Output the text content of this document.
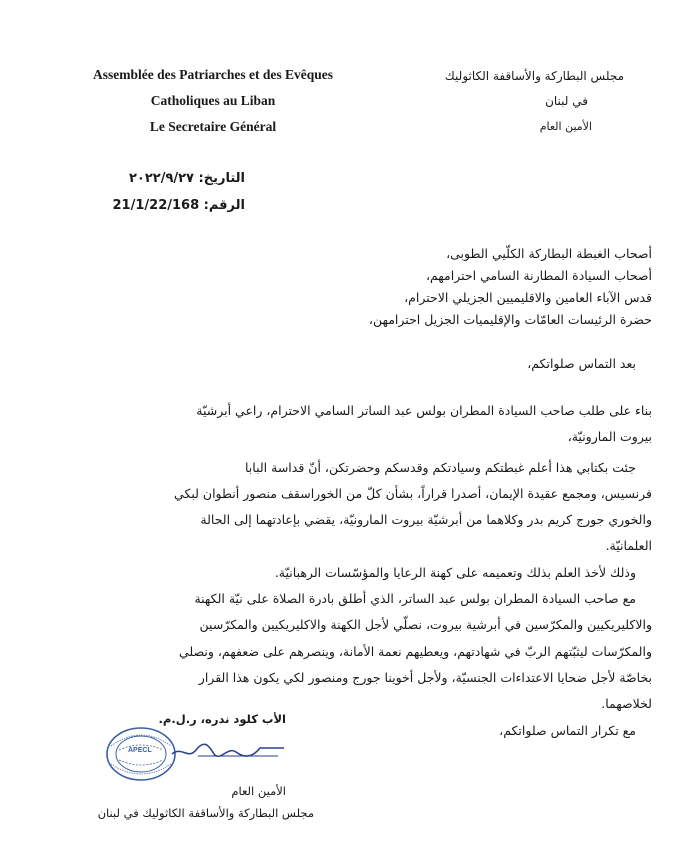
Assemblée des Patriarches et des Evêques
Catholiques au Liban
Le Secretaire Général
مجلس البطاركة والأساقفة الكاثوليك
في لبنان
الأمين العام
التاريخ: ٢٠٢٢/٩/٢٧
الرقم: 21/1/22/168
أصحاب الغبطة البطاركة الكلّيي الطوبى،
أصحاب السيادة المطارنة السامي احترامهم،
قدس الآباء العامين والاقليميين الجزيلي الاحترام،
حضرة الرئيسات العامّات والإقليميات الجزيل احترامهن،
بعد التماس صلواتكم،

بناء على طلب صاحب السيادة المطران بولس عبد الساتر السامي الاحترام، راعي أبرشيّة

بيروت المارونيّة،

جئت بكتابي هذا أعلم غبطتكم وسيادتكم وقدسكم وحضرتكن، أنّ قداسة البابا

فرنسيس، ومجمع عقيدة الإيمان، أصدرا قراراً، بشأن كلّ من الخوراسقف منصور أنطوان لبكي

والخوري جورج كريم بدر وكلاهما من أبرشيّة بيروت المارونيّة، يقضي بإعادتهما إلى الحالة

العلمانيّة.

وذلك لأخذ العلم بذلك وتعميمه على كهنة الرعايا والمؤسّسات الرهبانيّة.

مع صاحب السيادة المطران بولس عبد الساتر، الذي أطلق بادرة الصلاة على نيّة الكهنة

والاكليريكيين والمكرّسين في أبرشية بيروت، نصلّي لأجل الكهنة والاكليريكيين والمكرّسين

والمكرّسات ليثبّتهم الربّ في شهادتهم، ويعطيهم نعمة الأمانة، وينصرهم على ضعفهم، ونصلي

بخاصّة لأجل ضحايا الاعتداءات الجنسيّة، ولأجل أخوينا جورج ومنصور لكي يكون هذا القرار

لخلاصهما.

مع تكرار التماس صلواتكم،

الأب كلود ندره، ر.ل.م.
APECL
الأمين العام
مجلس البطاركة والأساقفة الكاثوليك في لبنان
